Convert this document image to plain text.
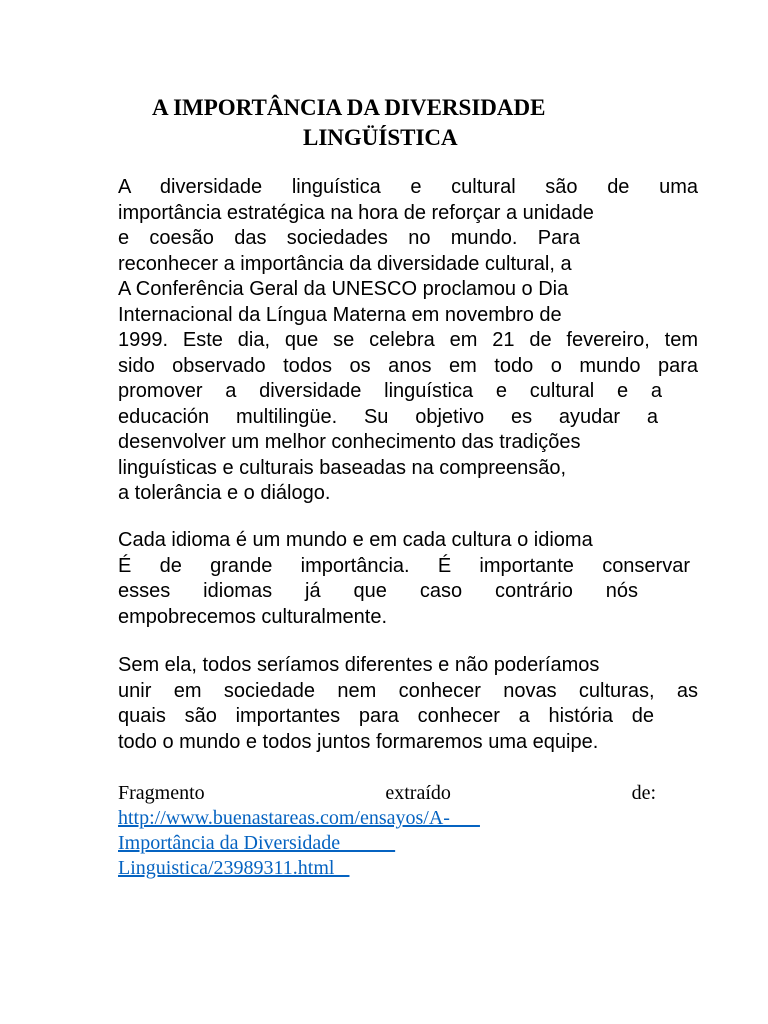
A IMPORTÂNCIA DA DIVERSIDADE
LINGÜÍSTICA
A diversidade linguística e cultural são de uma
importância estratégica na hora de reforçar a unidade
e coesão das sociedades no mundo. Para
reconhecer a importância da diversidade cultural, a
A Conferência Geral da UNESCO proclamou o Dia
Internacional da Língua Materna em novembro de
1999. Este dia, que se celebra em 21 de fevereiro, tem
sido observado todos os anos em todo o mundo para
promover a diversidade linguística e cultural e a
educación multilingüe. Su objetivo es ayudar a
desenvolver um melhor conhecimento das tradições
linguísticas e culturais baseadas na compreensão,
a tolerância e o diálogo.
Cada idioma é um mundo e em cada cultura o idioma
É de grande importância. É importante conservar
esses idiomas já que caso contrário nós
empobrecemos culturalmente.
Sem ela, todos seríamos diferentes e não poderíamos
unir em sociedade nem conhecer novas culturas, as
quais são importantes para conhecer a história de
todo o mundo e todos juntos formaremos uma equipe.
Fragmento	extraído	de:
http://www.buenastareas.com/ensayos/A-
Importância da Diversidade
Linguistica/23989311.html
